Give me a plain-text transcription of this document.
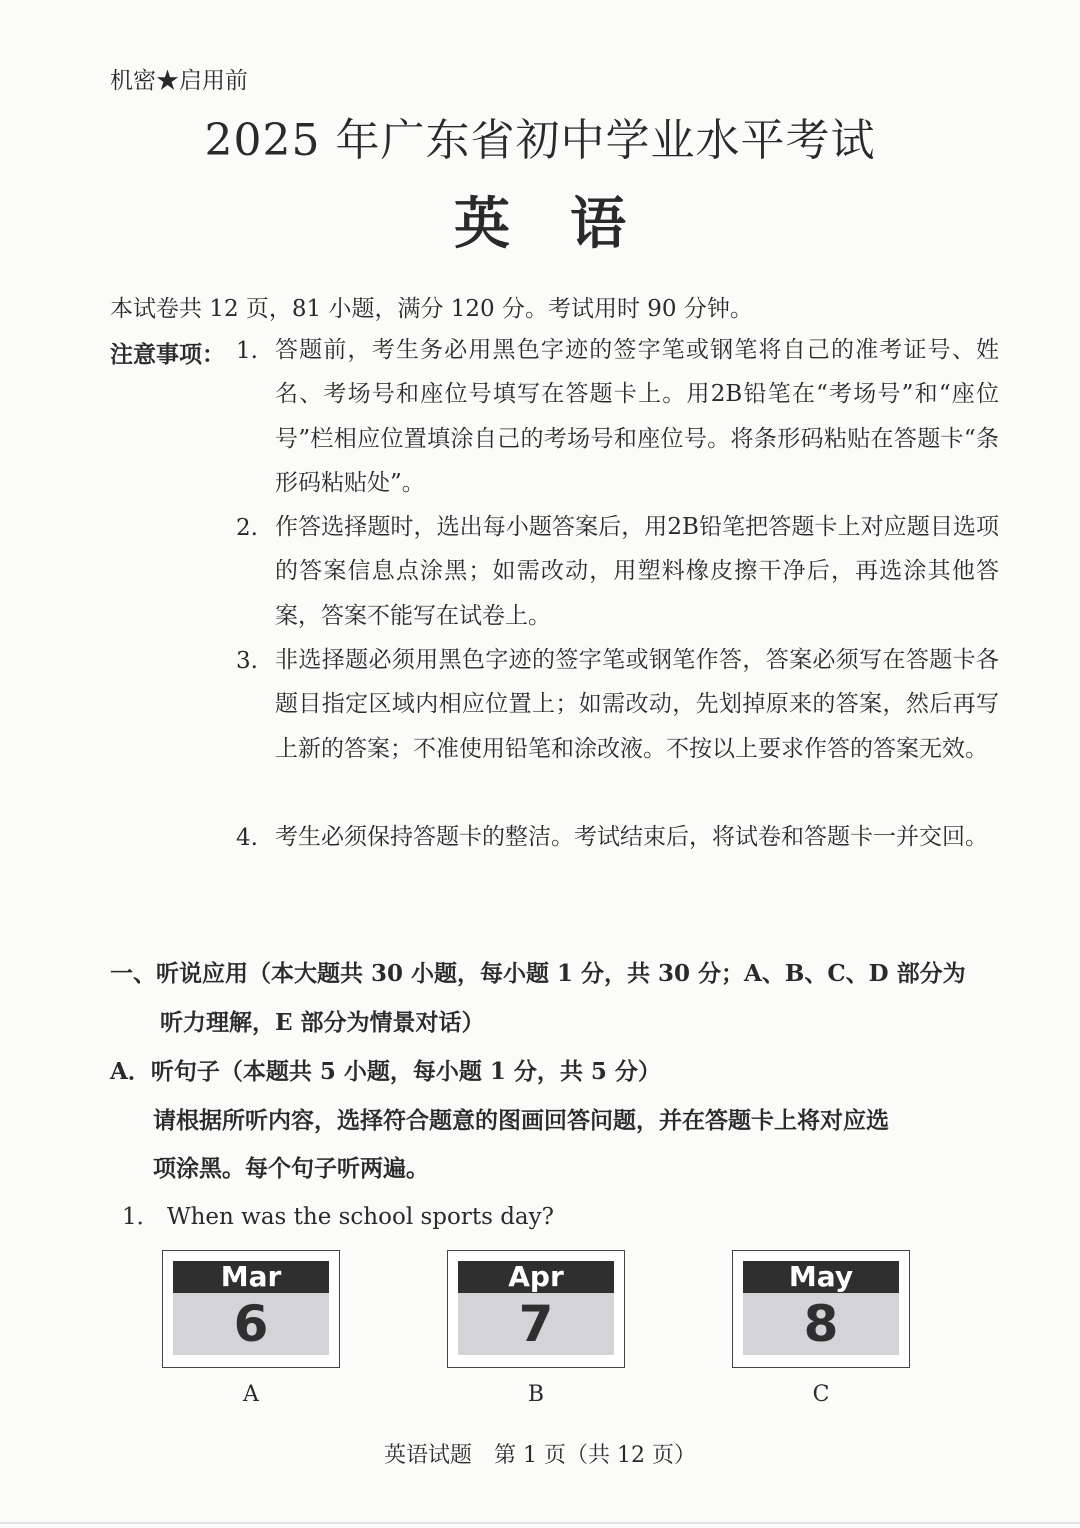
机密★启用前
2025 年广东省初中学业水平考试
英语
本试卷共 12 页，81 小题，满分 120 分。考试用时 90 分钟。
注意事项： 1. 答题前，考生务必用黑色字迹的签字笔或钢笔将自己的准考证号、姓名、考场号和座位号填写在答题卡上。用2B铅笔在“考场号”和“座位号”栏相应位置填涂自己的考场号和座位号。将条形码粘贴在答题卡“条形码粘贴处”。
2. 作答选择题时，选出每小题答案后，用2B铅笔把答题卡上对应题目选项的答案信息点涂黑；如需改动，用塑料橡皮擦干净后，再选涂其他答案，答案不能写在试卷上。
3. 非选择题必须用黑色字迹的签字笔或钢笔作答，答案必须写在答题卡各题目指定区域内相应位置上；如需改动，先划掉原来的答案，然后再写上新的答案；不准使用铅笔和涂改液。不按以上要求作答的答案无效。
4. 考生必须保持答题卡的整洁。考试结束后，将试卷和答题卡一并交回。
一、听说应用（本大题共 30 小题，每小题 1 分，共 30 分；A、B、C、D 部分为
听力理解，E 部分为情景对话）
A．听句子（本题共 5 小题，每小题 1 分，共 5 分）
请根据所听内容，选择符合题意的图画回答问题，并在答题卡上将对应选
项涂黑。每个句子听两遍。
1． When was the school sports day?
Mar
6
A
Apr
7
B
May
8
C
英语试题　第 1 页（共 12 页）
